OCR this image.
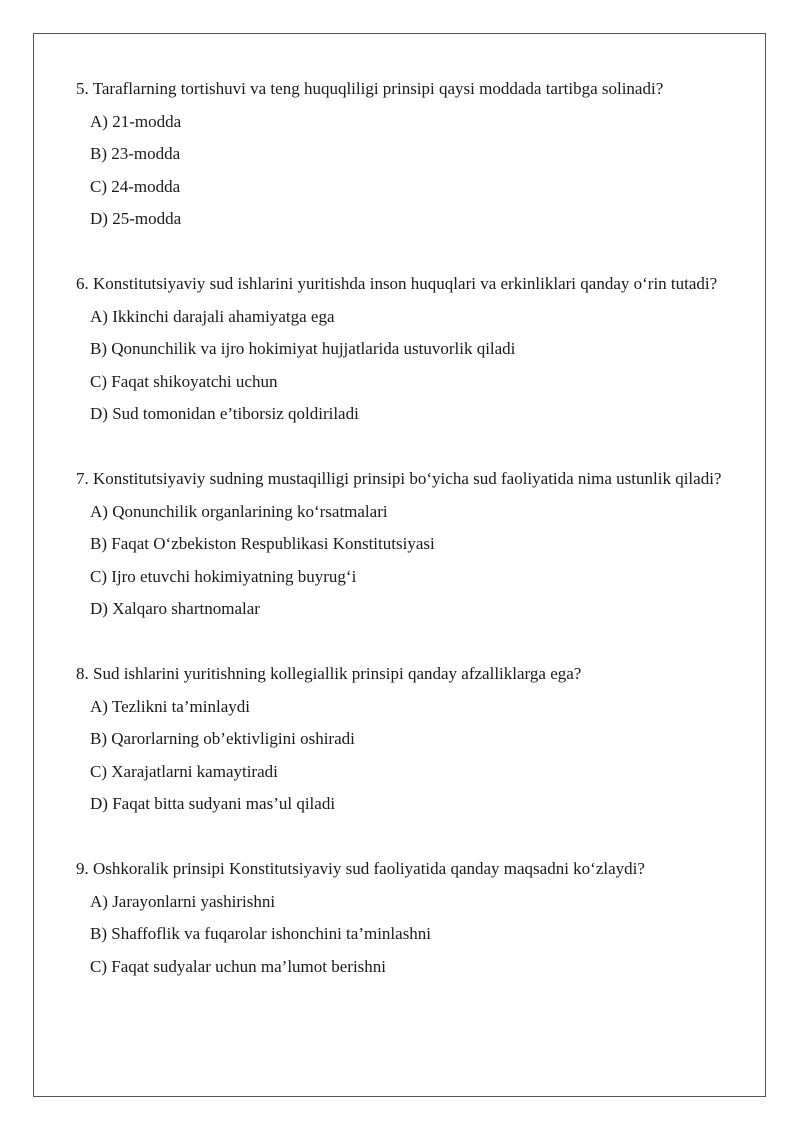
5. Taraflarning tortishuvi va teng huquqliligi prinsipi qaysi moddada tartibga solinadi?

A) 21-modda
B) 23-modda
C) 24-modda
D) 25-modda

6. Konstitutsiyaviy sud ishlarini yuritishda inson huquqlari va erkinliklari qanday o‘rin tutadi?

A) Ikkinchi darajali ahamiyatga ega
B) Qonunchilik va ijro hokimiyat hujjatlarida ustuvorlik qiladi
C) Faqat shikoyatchi uchun
D) Sud tomonidan e’tiborsiz qoldiriladi

7. Konstitutsiyaviy sudning mustaqilligi prinsipi bo‘yicha sud faoliyatida nima ustunlik qiladi?

A) Qonunchilik organlarining ko‘rsatmalari
B) Faqat O‘zbekiston Respublikasi Konstitutsiyasi
C) Ijro etuvchi hokimiyatning buyrug‘i
D) Xalqaro shartnomalar

8. Sud ishlarini yuritishning kollegiallik prinsipi qanday afzalliklarga ega?

A) Tezlikni ta’minlaydi
B) Qarorlarning ob’ektivligini oshiradi
C) Xarajatlarni kamaytiradi
D) Faqat bitta sudyani mas’ul qiladi

9. Oshkoralik prinsipi Konstitutsiyaviy sud faoliyatida qanday maqsadni ko‘zlaydi?

A) Jarayonlarni yashirishni
B) Shaffoflik va fuqarolar ishonchini ta’minlashni
C) Faqat sudyalar uchun ma’lumot berishni
